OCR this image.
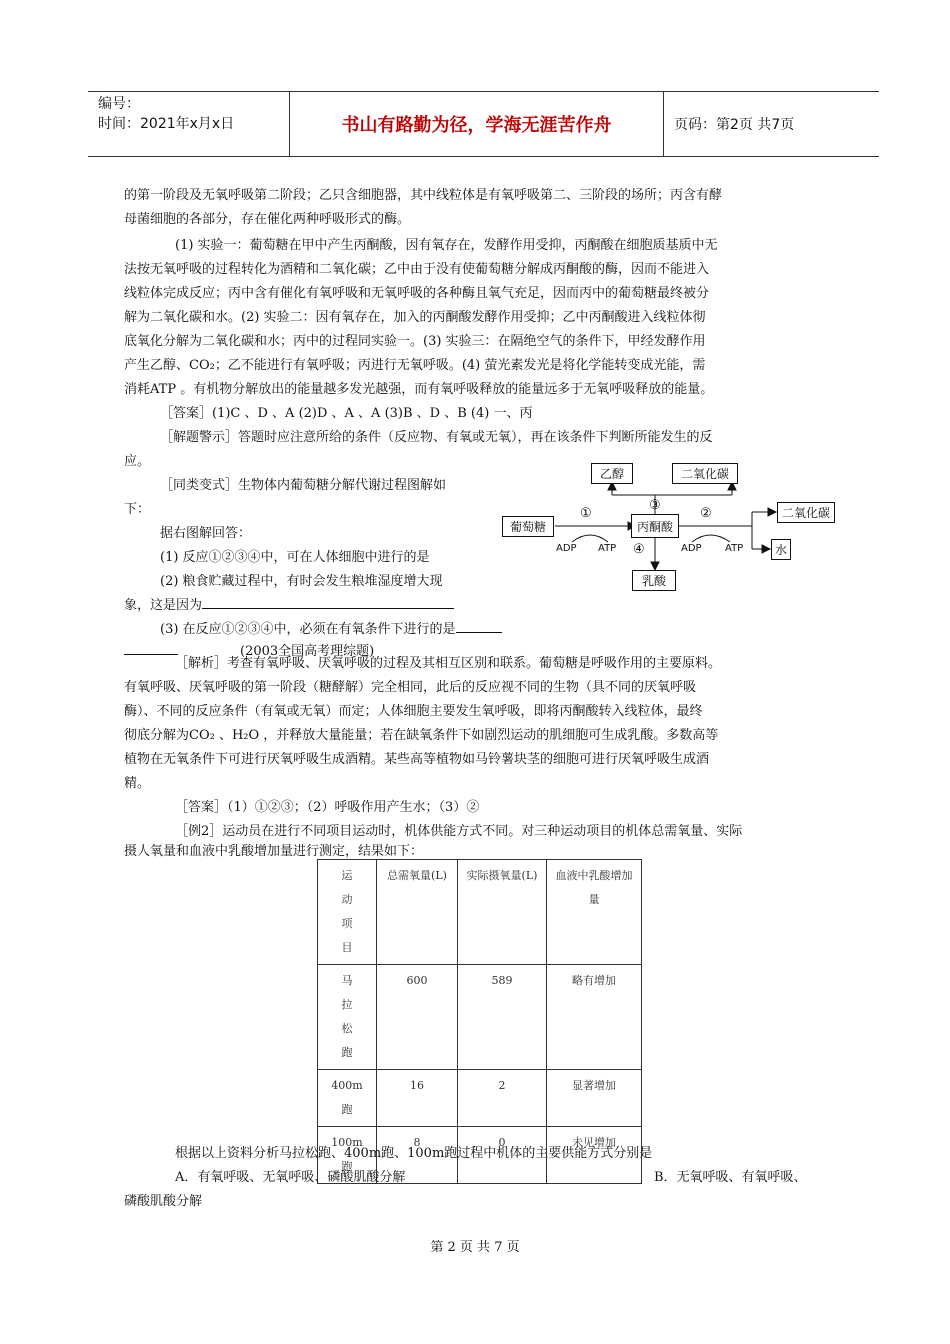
编号：
时间：2021年x月x日	书山有路勤为径，学海无涯苦作舟	页码：第2页 共7页
的第一阶段及无氧呼吸第二阶段；乙只含细胞器，其中线粒体是有氧呼吸第二、三阶段的场所；丙含有酵
母菌细胞的各部分，存在催化两种呼吸形式的酶。
(1) 实验一：葡萄糖在甲中产生丙酮酸，因有氧存在，发酵作用受抑，丙酮酸在细胞质基质中无
法按无氧呼吸的过程转化为酒精和二氧化碳；乙中由于没有使葡萄糖分解成丙酮酸的酶，因而不能进入
线粒体完成反应；丙中含有催化有氧呼吸和无氧呼吸的各种酶且氧气充足，因而丙中的葡萄糖最终被分
解为二氧化碳和水。(2) 实验二：因有氧存在，加入的丙酮酸发酵作用受抑；乙中丙酮酸进入线粒体彻
底氧化分解为二氧化碳和水；丙中的过程同实验一。(3) 实验三：在隔绝空气的条件下，甲经发酵作用
产生乙醇、CO₂；乙不能进行有氧呼吸；丙进行无氧呼吸。(4) 萤光素发光是将化学能转变成光能，需
消耗ATP 。有机物分解放出的能量越多发光越强，而有氧呼吸释放的能量远多于无氧呼吸释放的能量。
［答案］(1)C 、D 、A (2)D 、A 、A (3)B 、D 、B (4) 一、丙
［解题警示］答题时应注意所给的条件（反应物、有氧或无氧），再在该条件下判断所能发生的反
应。
［同类变式］生物体内葡萄糖分解代谢过程图解如
下：
据右图解回答：
(1) 反应①②③④中，可在人体细胞中进行的是
(2) 粮食贮藏过程中，有时会发生粮堆湿度增大现
象，这是因为
(3) 在反应①②③④中，必须在有氧条件下进行的是
(2003全国高考理综题)
乙醇	二氧化碳
葡萄糖	丙酮酸
二氧化碳
水
乳酸
①	②
③
④
ADP ATP	ADP ATP
［解析］考查有氧呼吸、厌氧呼吸的过程及其相互区别和联系。葡萄糖是呼吸作用的主要原料。
有氧呼吸、厌氧呼吸的第一阶段（糖酵解）完全相同，此后的反应视不同的生物（具不同的厌氧呼吸
酶）、不同的反应条件（有氧或无氧）而定；人体细胞主要发生氧呼吸，即将丙酮酸转入线粒体，最终
彻底分解为CO₂ 、H₂O ，并释放大量能量；若在缺氧条件下如剧烈运动的肌细胞可生成乳酸。多数高等
植物在无氧条件下可进行厌氧呼吸生成酒精。某些高等植物如马铃薯块茎的细胞可进行厌氧呼吸生成酒
精。
［答案］（1）①②③；（2）呼吸作用产生水；（3）②
［例2］运动员在进行不同项目运动时，机体供能方式不同。对三种运动项目的机体总需氧量、实际
摄人氧量和血液中乳酸增加量进行测定，结果如下：
运
动
项
目	总需氧量(L)	实际摄氧量(L)	血液中乳酸增加量

马
拉
松
跑	600	589	略有增加

400m
跑	16	2	显著增加

100m
跑	8	0	未见增加
根据以上资料分析马拉松跑、400m跑、100m跑过程中机体的主要供能方式分别是
A．有氧呼吸、无氧呼吸、磷酸肌酸分解	B．无氧呼吸、有氧呼吸、
磷酸肌酸分解
第 2 页 共 7 页
